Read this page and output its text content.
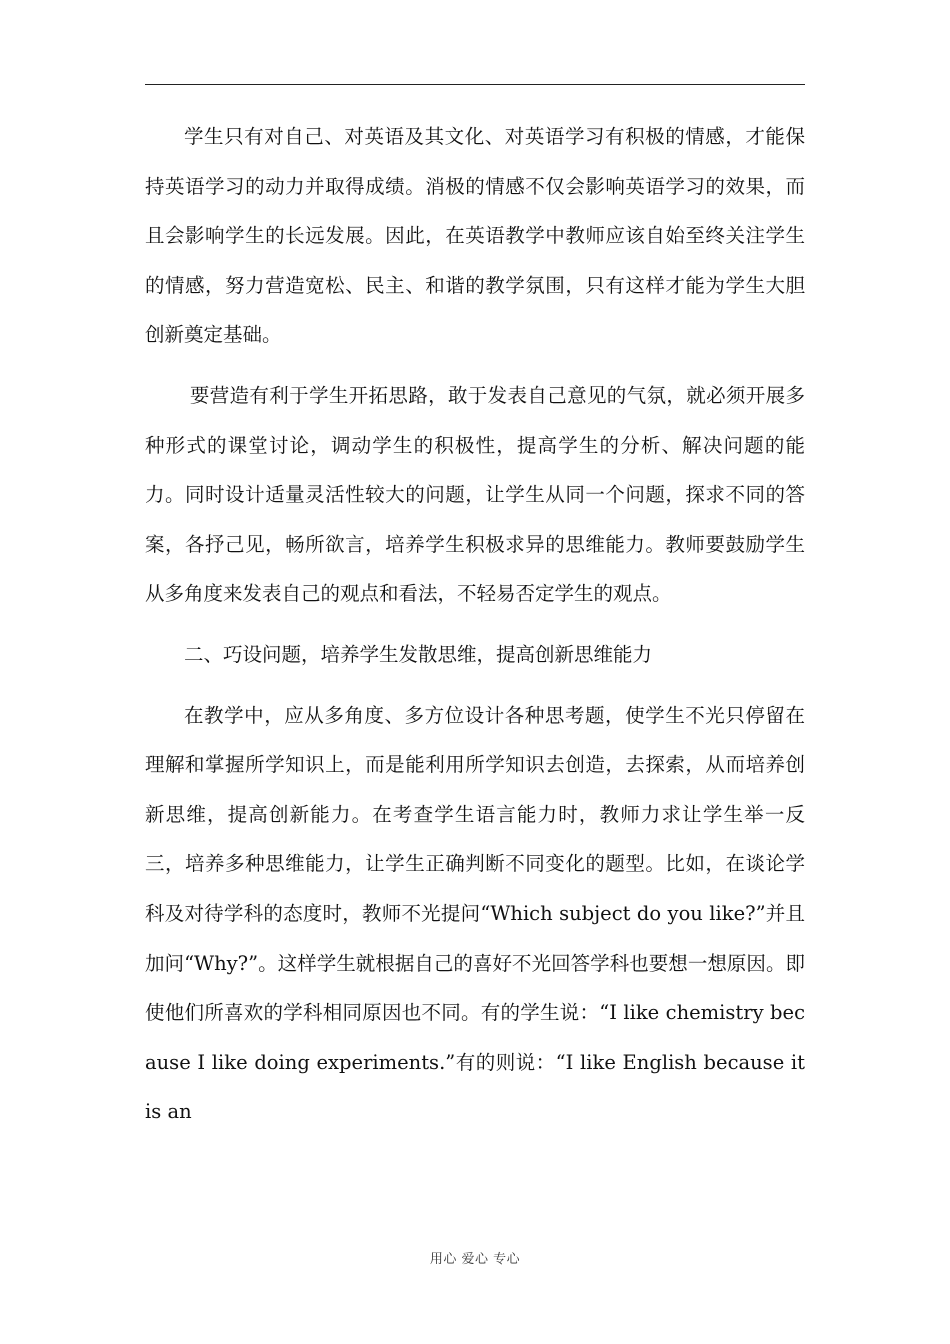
学生只有对自己、对英语及其文化、对英语学习有积极的情感，才能保持英语学习的动力并取得成绩。消极的情感不仅会影响英语学习的效果，而且会影响学生的长远发展。因此，在英语教学中教师应该自始至终关注学生的情感，努力营造宽松、民主、和谐的教学氛围，只有这样才能为学生大胆创新奠定基础。

要营造有利于学生开拓思路，敢于发表自己意见的气氛，就必须开展多种形式的课堂讨论，调动学生的积极性，提高学生的分析、解决问题的能力。同时设计适量灵活性较大的问题，让学生从同一个问题，探求不同的答案，各抒己见，畅所欲言，培养学生积极求异的思维能力。教师要鼓励学生从多角度来发表自己的观点和看法，不轻易否定学生的观点。

二、巧设问题，培养学生发散思维，提高创新思维能力

在教学中，应从多角度、多方位设计各种思考题，使学生不光只停留在理解和掌握所学知识上，而是能利用所学知识去创造，去探索，从而培养创新思维，提高创新能力。在考查学生语言能力时，教师力求让学生举一反三，培养多种思维能力，让学生正确判断不同变化的题型。比如，在谈论学科及对待学科的态度时，教师不光提问“Which subject do you like?”并且加问“Why?”。这样学生就根据自己的喜好不光回答学科也要想一想原因。即使他们所喜欢的学科相同原因也不同。有的学生说：“I like chemistry because I like doing experiments.”有的则说：“I like English because it is an

用心 爱心 专心
